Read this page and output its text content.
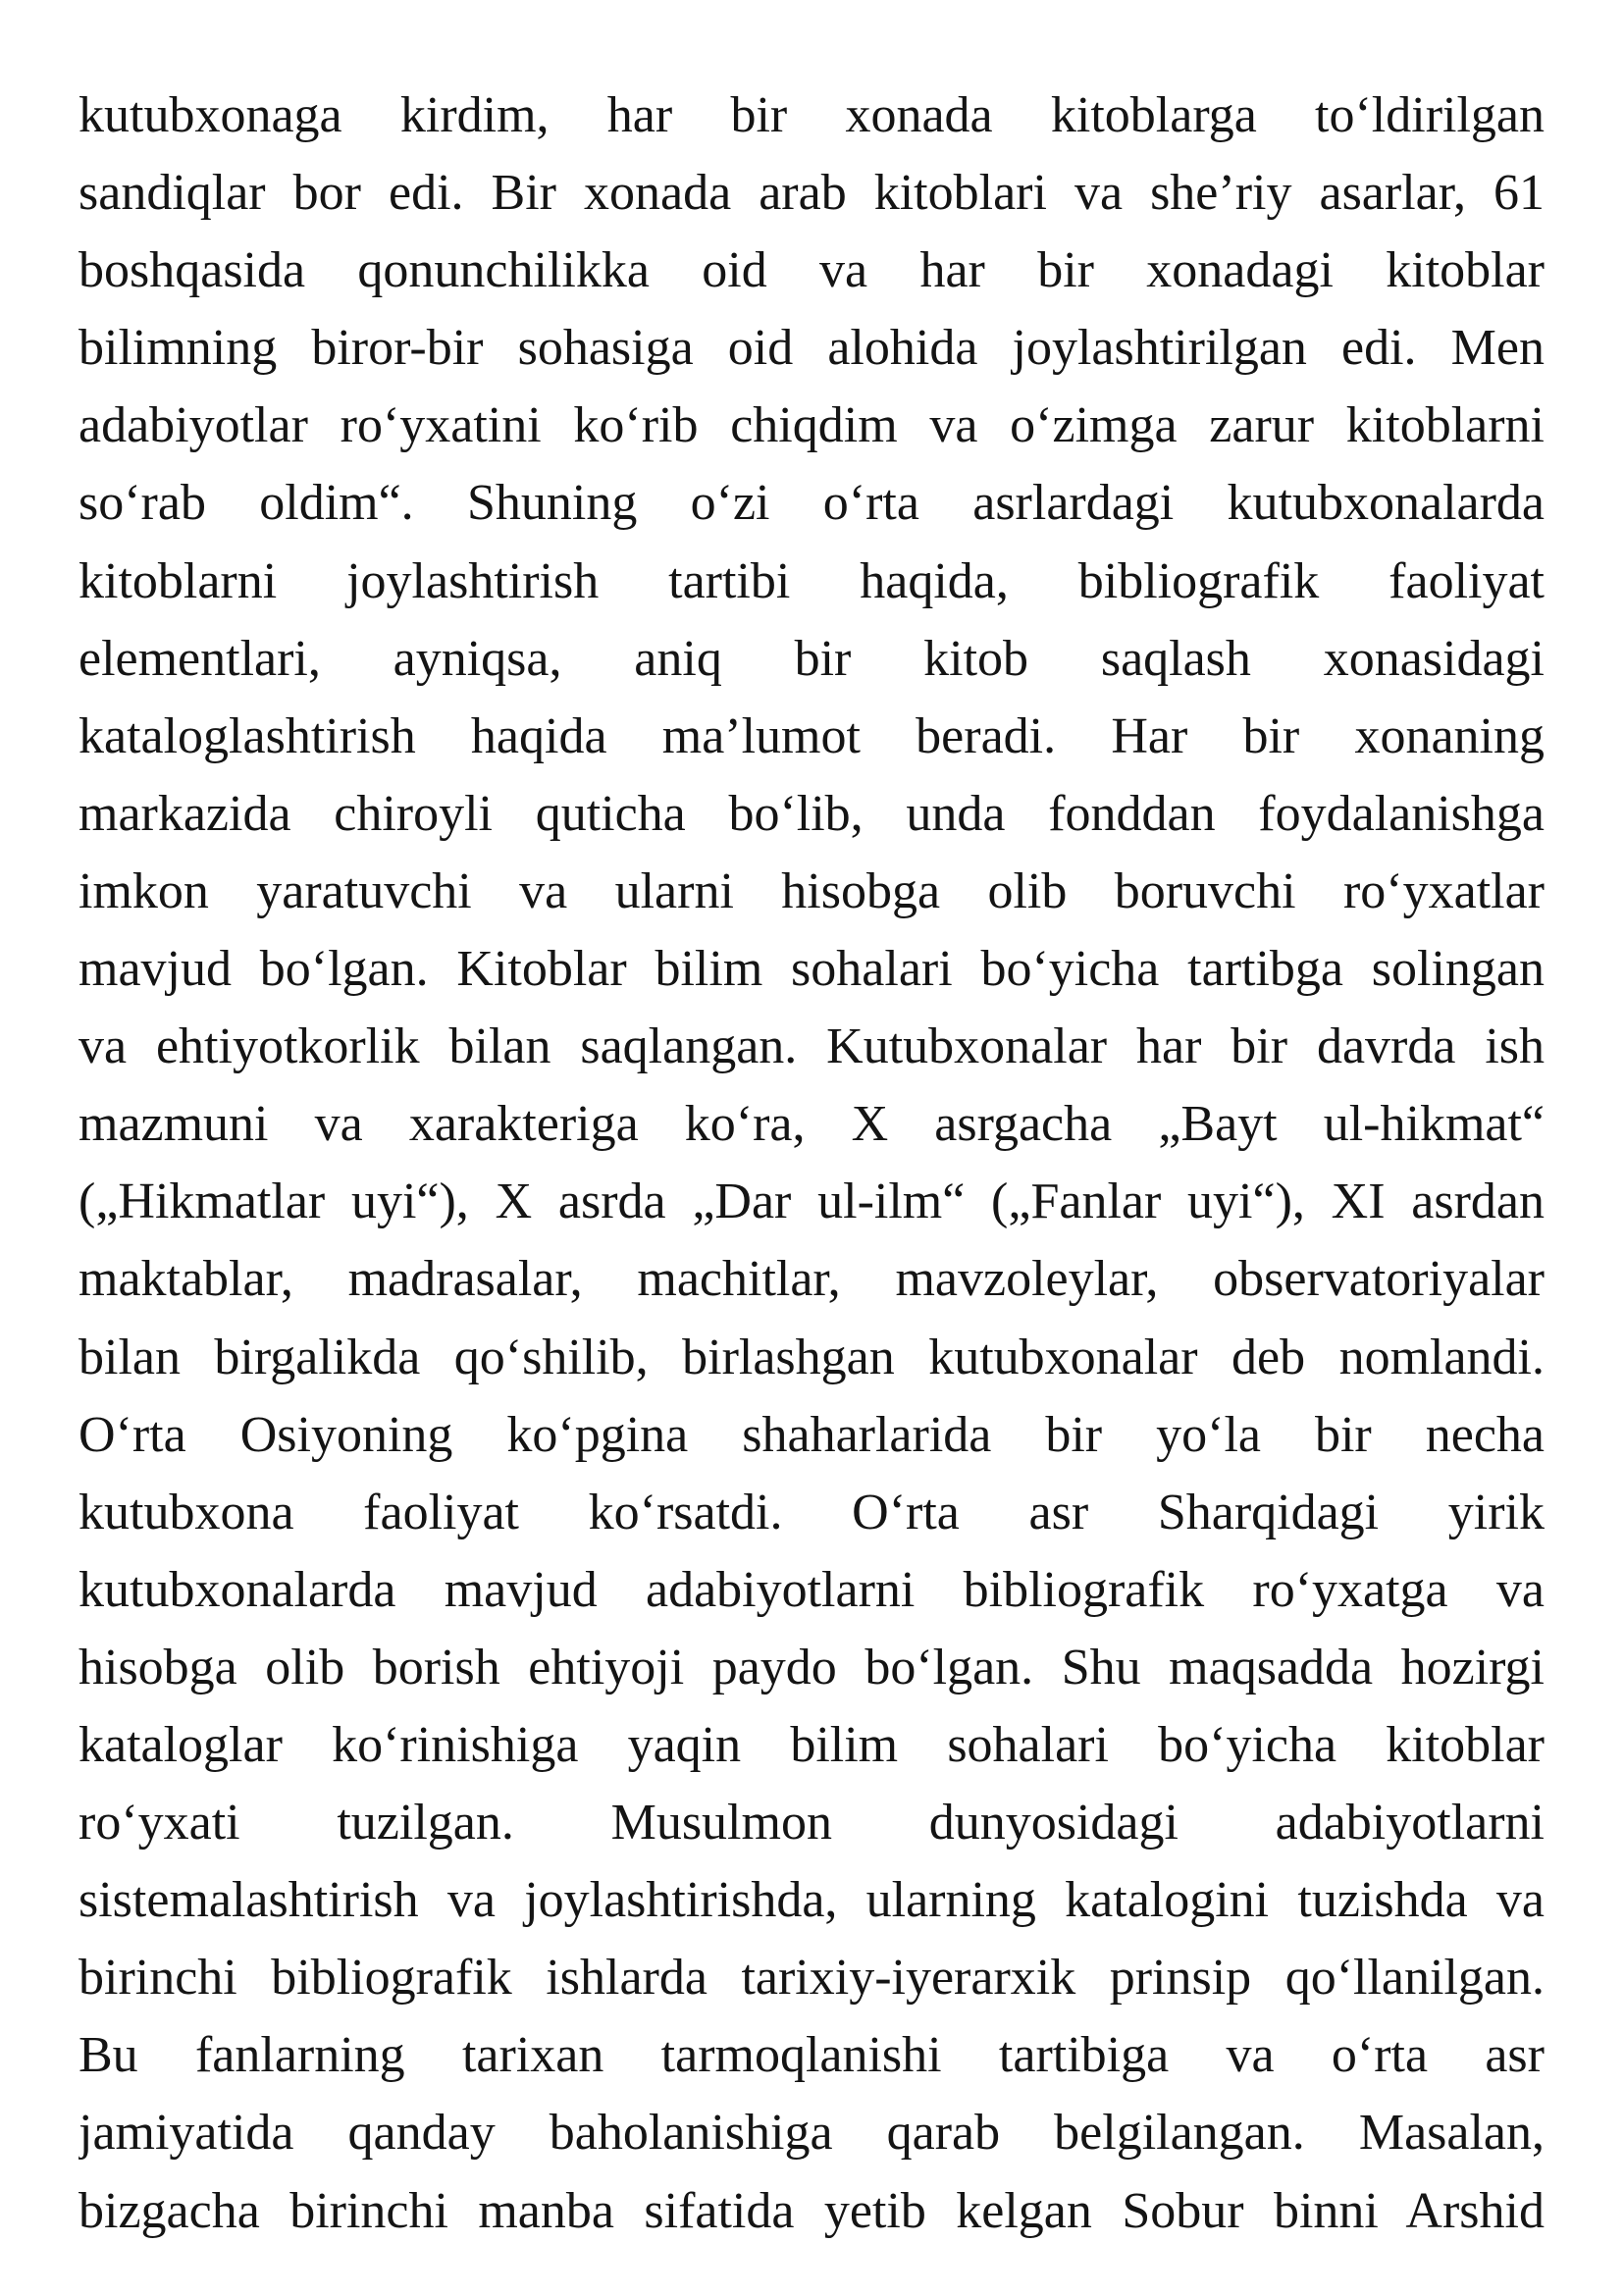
kutubxonaga kirdim, har bir xonada kitoblarga to‘ldirilgan
sandiqlar bor edi. Bir xonada arab kitoblari va she’riy asarlar, 61
boshqasida qonunchilikka oid va har bir xonadagi kitoblar
bilimning biror-bir sohasiga oid alohida joylashtirilgan edi. Men
adabiyotlar ro‘yxatini ko‘rib chiqdim va o‘zimga zarur kitoblarni
so‘rab oldim“. Shuning o‘zi o‘rta asrlardagi kutubxonalarda
kitoblarni joylashtirish tartibi haqida, bibliografik faoliyat
elementlari, ayniqsa, aniq bir kitob saqlash xonasidagi
kataloglashtirish haqida ma’lumot beradi. Har bir xonaning
markazida chiroyli quticha bo‘lib, unda fonddan foydalanishga
imkon yaratuvchi va ularni hisobga olib boruvchi ro‘yxatlar
mavjud bo‘lgan. Kitoblar bilim sohalari bo‘yicha tartibga solingan
va ehtiyotkorlik bilan saqlangan. Kutubxonalar har bir davrda ish
mazmuni va xarakteriga ko‘ra, X asrgacha „Bayt ul-hikmat“
(„Hikmatlar uyi“), X asrda „Dar ul-ilm“ („Fanlar uyi“), XI asrdan
maktablar, madrasalar, machitlar, mavzoleylar, observatoriyalar
bilan birgalikda qo‘shilib, birlashgan kutubxonalar deb nomlandi.
O‘rta Osiyoning ko‘pgina shaharlarida bir yo‘la bir necha
kutubxona faoliyat ko‘rsatdi. O‘rta asr Sharqidagi yirik
kutubxonalarda mavjud adabiyotlarni bibliografik ro‘yxatga va
hisobga olib borish ehtiyoji paydo bo‘lgan. Shu maqsadda hozirgi
kataloglar ko‘rinishiga yaqin bilim sohalari bo‘yicha kitoblar
ro‘yxati tuzilgan. Musulmon dunyosidagi adabiyotlarni
sistemalashtirish va joylashtirishda, ularning katalogini tuzishda va
birinchi bibliografik ishlarda tarixiy-iyerarxik prinsip qo‘llanilgan.
Bu fanlarning tarixan tarmoqlanishi tartibiga va o‘rta asr
jamiyatida qanday baholanishiga qarab belgilangan. Masalan,
bizgacha birinchi manba sifatida yetib kelgan Sobur binni Arshid
